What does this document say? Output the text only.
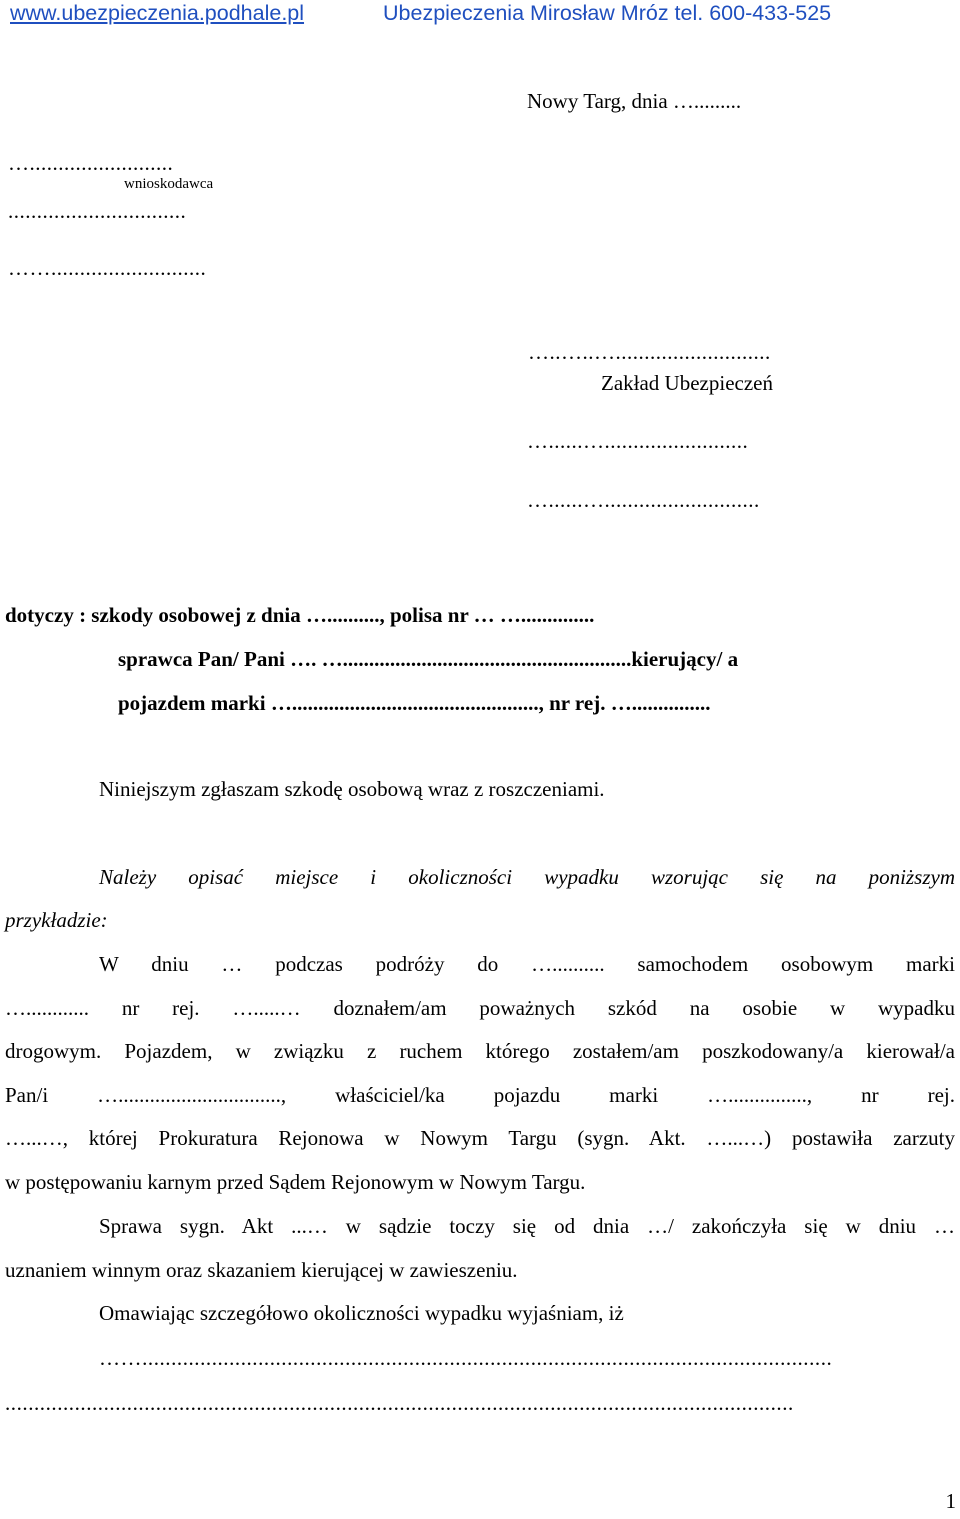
www.ubezpieczenia.podhale.pl	Ubezpieczenia Mirosław Mróz tel. 600-433-525
Nowy Targ, dnia ….........
….........................
wnioskodawca
...............................
……...........................
…..…..…...........................
Zakład Ubezpieczeń
…......….........................
…......…...........................
dotyczy : szkody osobowej z dnia ….........., polisa nr … …..............
sprawca Pan/ Pani …. ….......................................................kierujący/ a
pojazdem marki …..............................................., nr rej. …...............
Niniejszym zgłaszam szkodę osobową wraz z roszczeniami.
Należy opisać miejsce i okoliczności wypadku wzorując się na poniższym
przykładzie:
W dniu … podczas podróży do ….......... samochodem osobowym marki
…............ nr rej. ….....… doznałem/am poważnych szkód na osobie w wypadku
drogowym. Pojazdem, w związku z ruchem którego zostałem/am poszkodowany/a kierował/a
Pan/i …..............................., właściciel/ka pojazdu marki …..............., nr rej.
…...…, której Prokuratura Rejonowa w Nowym Targu (sygn. Akt. …...…) postawiła zarzuty
w postępowaniu karnym przed Sądem Rejonowym w Nowym Targu.
Sprawa sygn. Akt ...… w sądzie toczy się od dnia …/ zakończyła się w dniu …
uznaniem winnym oraz skazaniem kierującej w zawieszeniu.
Omawiając szczegółowo okoliczności wypadku wyjaśniam, iż
…….......................................................................................................................
........................................................................................................................................
1
